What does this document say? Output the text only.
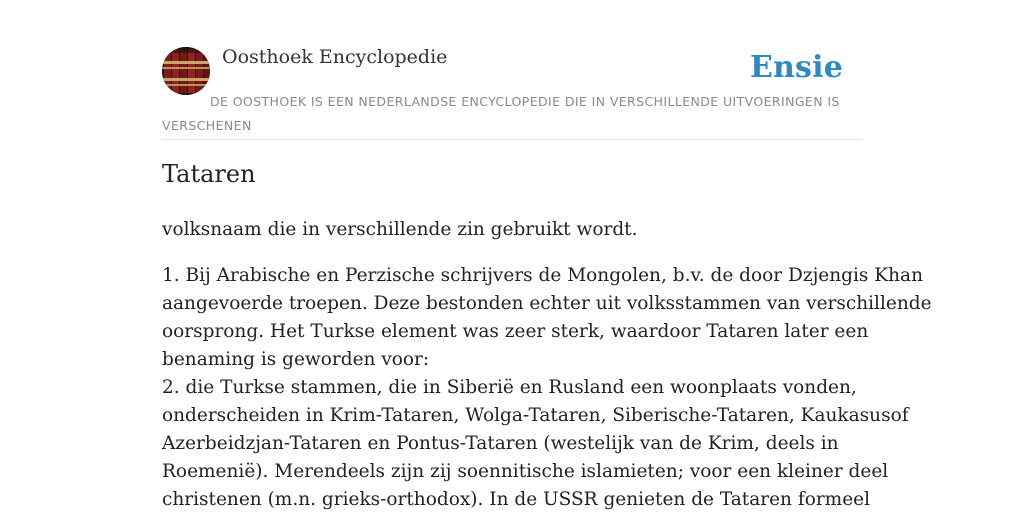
Oosthoek Encyclopedie	Ensie
DE OOSTHOEK IS EEN NEDERLANDSE ENCYCLOPEDIE DIE IN VERSCHILLENDE UITVOERINGEN IS VERSCHENEN
Tataren

volksnaam die in verschillende zin gebruikt wordt.

1. Bij Arabische en Perzische schrijvers de Mongolen, b.v. de door Dzjengis Khan

aangevoerde troepen. Deze bestonden echter uit volksstammen van verschillende

oorsprong. Het Turkse element was zeer sterk, waardoor Tataren later een

benaming is geworden voor:

2. die Turkse stammen, die in Siberië en Rusland een woonplaats vonden,

onderscheiden in Krim-Tataren, Wolga-Tataren, Siberische-Tataren, Kaukasusof

Azerbeidzjan-Tataren en Pontus-Tataren (westelijk van de Krim, deels in

Roemenië). Merendeels zijn zij soennitische islamieten; voor een kleiner deel

christenen (m.n. grieks-orthodox). In de USSR genieten de Tataren formeel
